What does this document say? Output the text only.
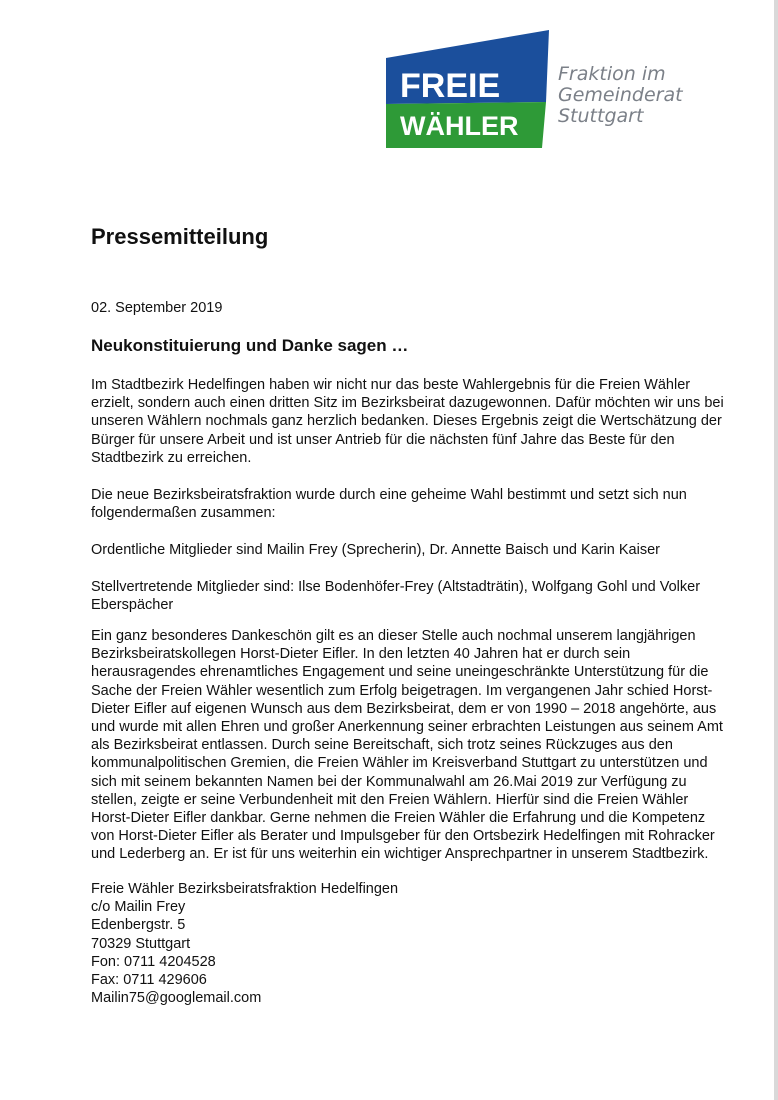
FREIE
WÄHLER
Fraktion im
Gemeinderat
Stuttgart
Pressemitteilung
02. September 2019
Neukonstituierung und Danke sagen …

Im Stadtbezirk Hedelfingen haben wir nicht nur das beste Wahlergebnis für die Freien Wähler erzielt, sondern auch einen dritten Sitz im Bezirksbeirat dazugewonnen. Dafür möchten wir uns bei unseren Wählern nochmals ganz herzlich bedanken. Dieses Ergebnis zeigt die Wertschätzung der Bürger für unsere Arbeit und ist unser Antrieb für die nächsten fünf Jahre das Beste für den Stadtbezirk zu erreichen.

Die neue Bezirksbeiratsfraktion wurde durch eine geheime Wahl bestimmt und setzt sich nun folgendermaßen zusammen:

Ordentliche Mitglieder sind Mailin Frey (Sprecherin), Dr. Annette Baisch und Karin Kaiser

Stellvertretende Mitglieder sind: Ilse Bodenhöfer-Frey (Altstadträtin), Wolfgang Gohl und Volker Eberspächer

Ein ganz besonderes Dankeschön gilt es an dieser Stelle auch nochmal unserem langjährigen Bezirksbeiratskollegen Horst-Dieter Eifler. In den letzten 40 Jahren hat er durch sein herausragendes ehrenamtliches Engagement und seine uneingeschränkte Unterstützung für die Sache der Freien Wähler wesentlich zum Erfolg beigetragen. Im vergangenen Jahr schied Horst-Dieter Eifler auf eigenen Wunsch aus dem Bezirksbeirat, dem er von 1990 – 2018 angehörte, aus und wurde mit allen Ehren und großer Anerkennung seiner erbrachten Leistungen aus seinem Amt als Bezirksbeirat entlassen. Durch seine Bereitschaft, sich trotz seines Rückzuges aus den kommunalpolitischen Gremien, die Freien Wähler im Kreisverband Stuttgart zu unterstützen und sich mit seinem bekannten Namen bei der Kommunalwahl am 26.Mai 2019 zur Verfügung zu stellen, zeigte er seine Verbundenheit mit den Freien Wählern. Hierfür sind die Freien Wähler Horst-Dieter Eifler dankbar. Gerne nehmen die Freien Wähler die Erfahrung und die Kompetenz von Horst-Dieter Eifler als Berater und Impulsgeber für den Ortsbezirk Hedelfingen mit Rohracker und Lederberg an. Er ist für uns weiterhin ein wichtiger Ansprechpartner in unserem Stadtbezirk.

Freie Wähler Bezirksbeiratsfraktion Hedelfingen
c/o Mailin Frey
Edenbergstr. 5
70329 Stuttgart
Fon: 0711 4204528
Fax: 0711 429606
Mailin75@googlemail.com
